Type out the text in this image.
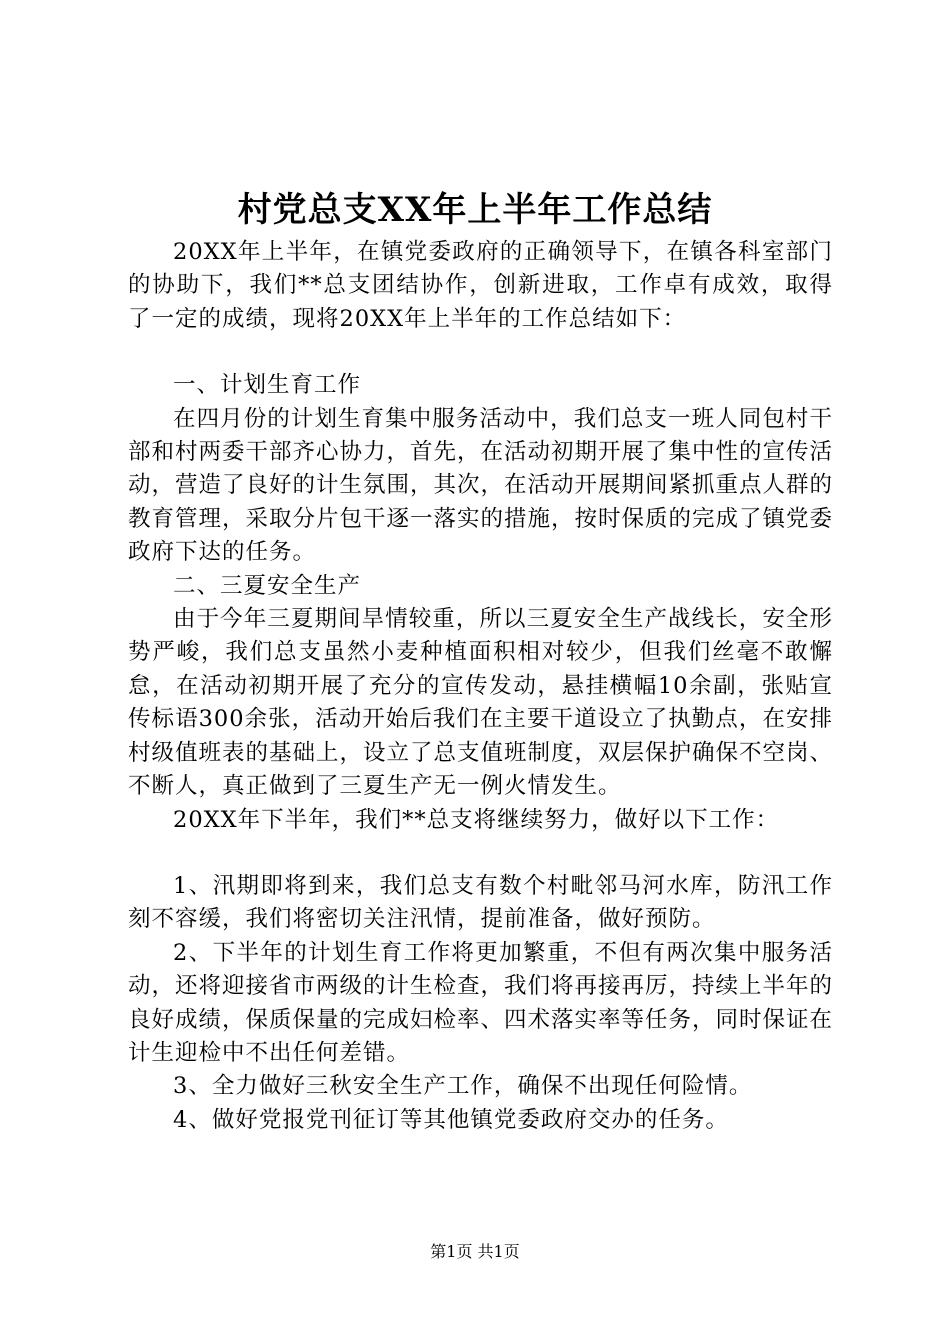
村党总支XX年上半年工作总结

20XX年上半年，在镇党委政府的正确领导下，在镇各科室部门的协助下，我们**总支团结协作，创新进取，工作卓有成效，取得了一定的成绩，现将20XX年上半年的工作总结如下：

一、计划生育工作

在四月份的计划生育集中服务活动中，我们总支一班人同包村干部和村两委干部齐心协力，首先，在活动初期开展了集中性的宣传活动，营造了良好的计生氛围，其次，在活动开展期间紧抓重点人群的教育管理，采取分片包干逐一落实的措施，按时保质的完成了镇党委政府下达的任务。

二、三夏安全生产

由于今年三夏期间旱情较重，所以三夏安全生产战线长，安全形势严峻，我们总支虽然小麦种植面积相对较少，但我们丝毫不敢懈怠，在活动初期开展了充分的宣传发动，悬挂横幅10余副，张贴宣传标语300余张，活动开始后我们在主要干道设立了执勤点，在安排村级值班表的基础上，设立了总支值班制度，双层保护确保不空岗、不断人，真正做到了三夏生产无一例火情发生。

20XX年下半年，我们**总支将继续努力，做好以下工作：

1、汛期即将到来，我们总支有数个村毗邻马河水库，防汛工作刻不容缓，我们将密切关注汛情，提前准备，做好预防。

2、下半年的计划生育工作将更加繁重，不但有两次集中服务活动，还将迎接省市两级的计生检查，我们将再接再厉，持续上半年的良好成绩，保质保量的完成妇检率、四术落实率等任务，同时保证在计生迎检中不出任何差错。

3、全力做好三秋安全生产工作，确保不出现任何险情。

4、做好党报党刊征订等其他镇党委政府交办的任务。

第1页 共1页
